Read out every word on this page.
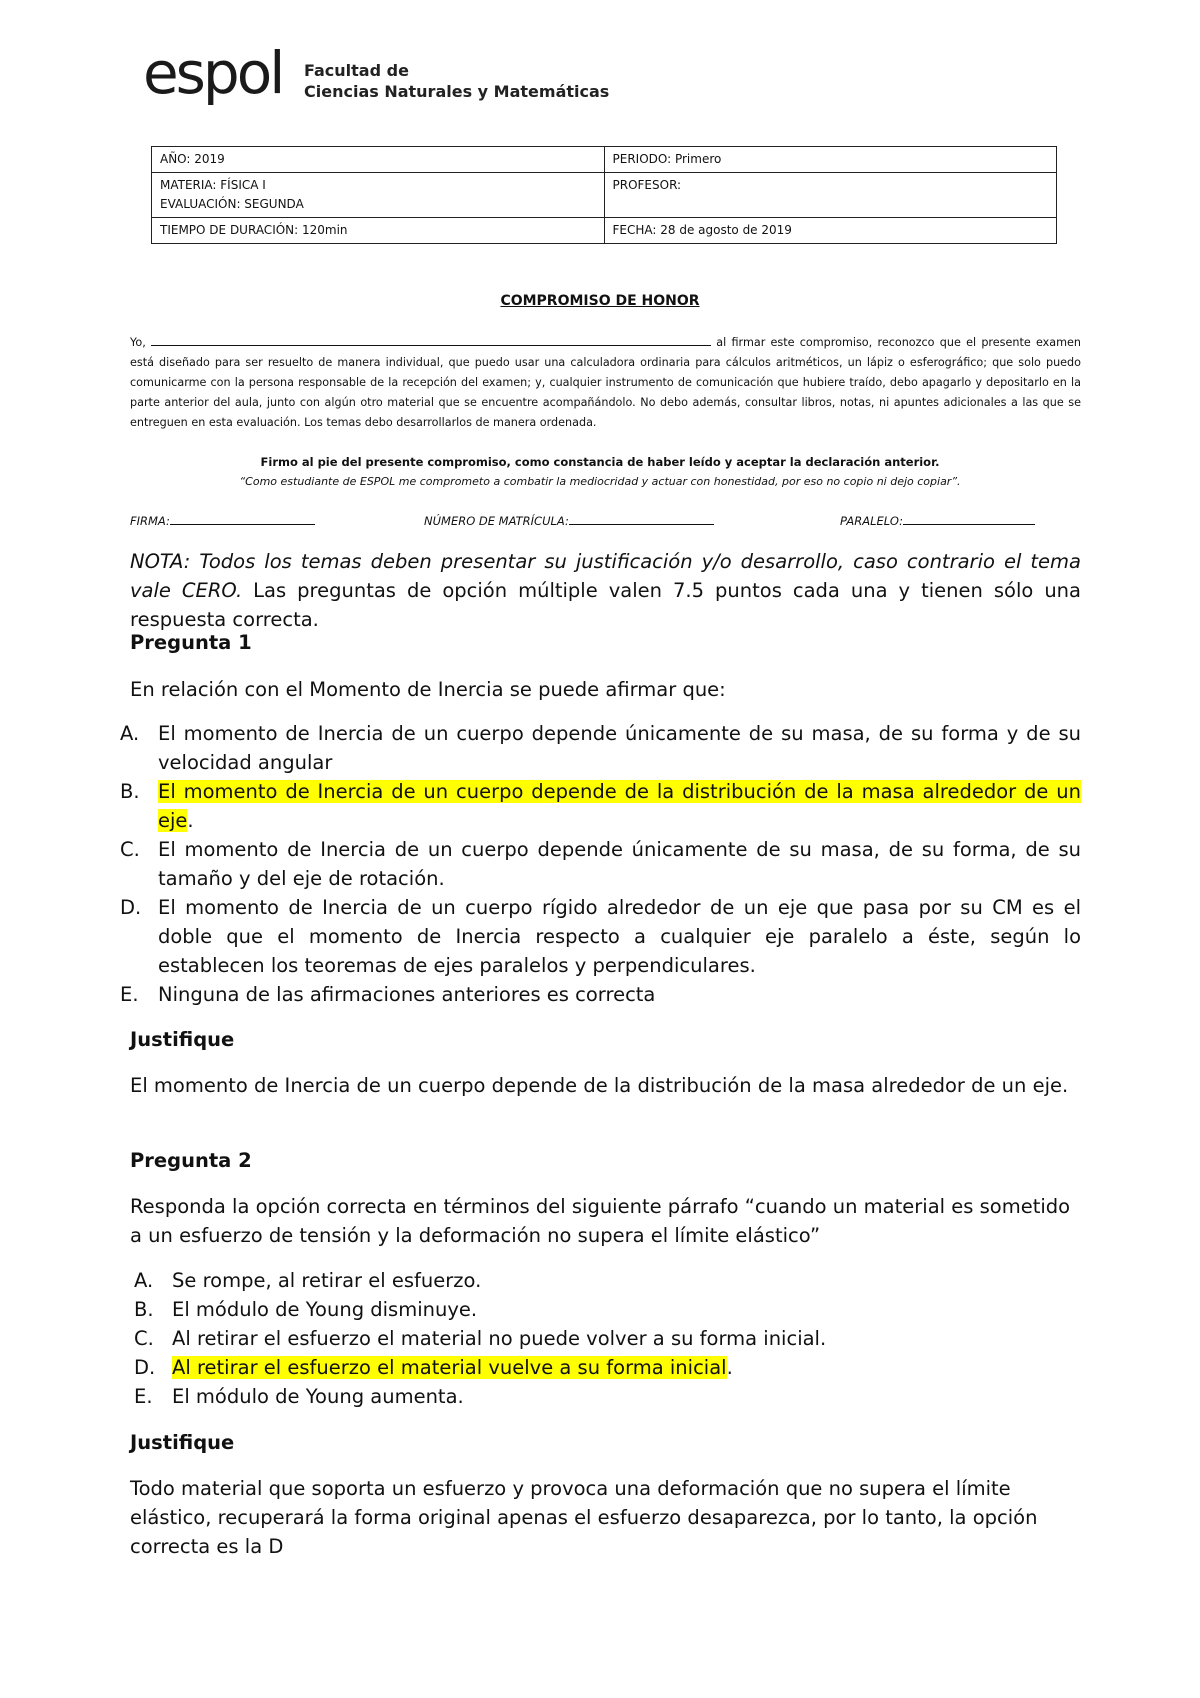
espol Facultad de
Ciencias Naturales y Matemáticas
AÑO: 2019	PERIODO: Primero

MATERIA: FÍSICA I
EVALUACIÓN: SEGUNDA	PROFESOR:

TIEMPO DE DURACIÓN: 120min	FECHA: 28 de agosto de 2019
COMPROMISO DE HONOR
Yo,	al firmar este compromiso, reconozco que el presente examen está diseñado para ser resuelto de manera individual, que puedo usar una calculadora ordinaria para cálculos aritméticos, un lápiz o esferográfico; que solo puedo comunicarme con la persona responsable de la recepción del examen; y, cualquier instrumento de comunicación que hubiere traído, debo apagarlo y depositarlo en la parte anterior del aula, junto con algún otro material que se encuentre acompañándolo. No debo además, consultar libros, notas, ni apuntes adicionales a las que se entreguen en esta evaluación. Los temas debo desarrollarlos de manera ordenada.
Firmo al pie del presente compromiso, como constancia de haber leído y aceptar la declaración anterior.
“Como estudiante de ESPOL me comprometo a combatir la mediocridad y actuar con honestidad, por eso no copio ni dejo copiar”.
FIRMA:	NÚMERO DE MATRÍCULA:	PARALELO:
NOTA: Todos los temas deben presentar su justificación y/o desarrollo, caso contrario el tema vale CERO. Las preguntas de opción múltiple valen 7.5 puntos cada una y tienen sólo una respuesta correcta.
Pregunta 1
En relación con el Momento de Inercia se puede afirmar que:
A. El momento de Inercia de un cuerpo depende únicamente de su masa, de su forma y de su velocidad angular
B. El momento de Inercia de un cuerpo depende de la distribución de la masa alrededor de un eje.
C. El momento de Inercia de un cuerpo depende únicamente de su masa, de su forma, de su tamaño y del eje de rotación.
D. El momento de Inercia de un cuerpo rígido alrededor de un eje que pasa por su CM es el doble que el momento de Inercia respecto a cualquier eje paralelo a éste, según lo establecen los teoremas de ejes paralelos y perpendiculares.
E. Ninguna de las afirmaciones anteriores es correcta
Justifique
El momento de Inercia de un cuerpo depende de la distribución de la masa alrededor de un eje.
Pregunta 2
Responda la opción correcta en términos del siguiente párrafo “cuando un material es sometido a un esfuerzo de tensión y la deformación no supera el límite elástico”
A. Se rompe, al retirar el esfuerzo.
B. El módulo de Young disminuye.
C. Al retirar el esfuerzo el material no puede volver a su forma inicial.
D. Al retirar el esfuerzo el material vuelve a su forma inicial.
E. El módulo de Young aumenta.
Justifique
Todo material que soporta un esfuerzo y provoca una deformación que no supera el límite elástico, recuperará la forma original apenas el esfuerzo desaparezca, por lo tanto, la opción correcta es la D
